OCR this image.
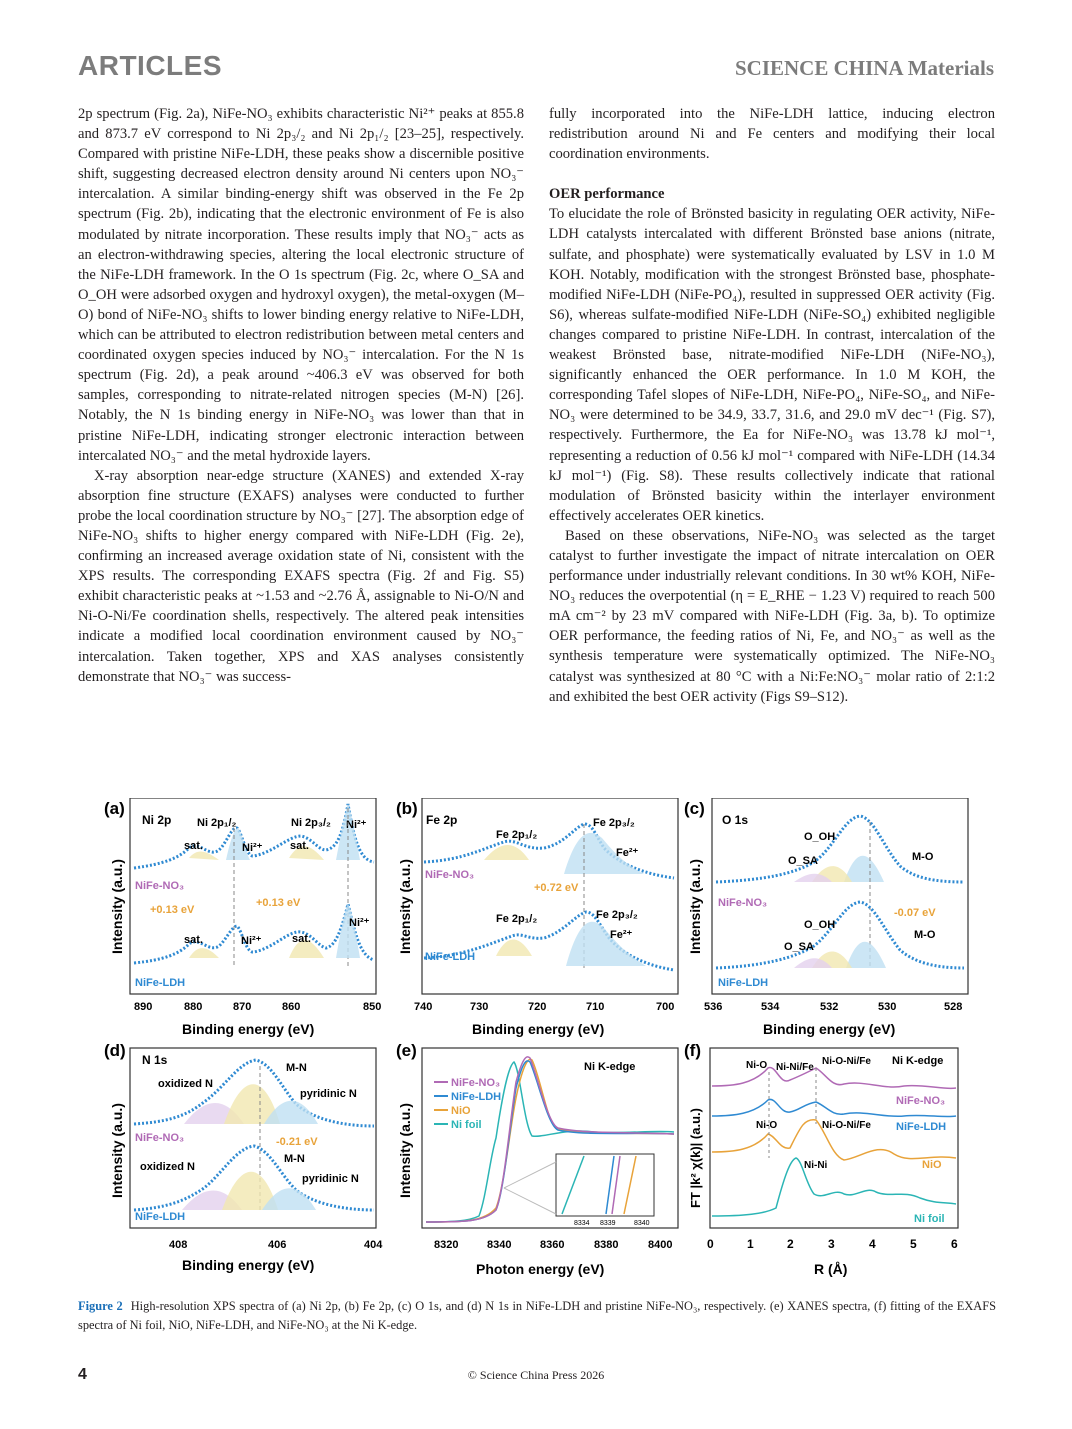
ARTICLES	SCIENCE CHINA Materials

2p spectrum (Fig. 2a), NiFe-NO₃ exhibits characteristic Ni²⁺ peaks at 855.8 and 873.7 eV correspond to Ni 2p₃/₂ and Ni 2p₁/₂ [23–25], respectively. Compared with pristine NiFe-LDH, these peaks show a discernible positive shift, suggesting decreased electron density around Ni centers upon NO₃⁻ intercalation. A similar binding-energy shift was observed in the Fe 2p spectrum (Fig. 2b), indicating that the electronic environment of Fe is also modulated by nitrate incorporation. These results imply that NO₃⁻ acts as an electron-withdrawing species, altering the local electronic structure of the NiFe-LDH framework. In the O 1s spectrum (Fig. 2c, where O_SA and O_OH were adsorbed oxygen and hydroxyl oxygen), the metal-oxygen (M–O) bond of NiFe-NO₃ shifts to lower binding energy relative to NiFe-LDH, which can be attributed to electron redistribution between metal centers and coordinated oxygen species induced by NO₃⁻ intercalation. For the N 1s spectrum (Fig. 2d), a peak around ~406.3 eV was observed for both samples, corresponding to nitrate-related nitrogen species (M-N) [26]. Notably, the N 1s binding energy in NiFe-NO₃ was lower than that in pristine NiFe-LDH, indicating stronger electronic interaction between intercalated NO₃⁻ and the metal hydroxide layers.

X-ray absorption near-edge structure (XANES) and extended X-ray absorption fine structure (EXAFS) analyses were conducted to further probe the local coordination structure by NO₃⁻ [27]. The absorption edge of NiFe-NO₃ shifts to higher energy compared with NiFe-LDH (Fig. 2e), confirming an increased average oxidation state of Ni, consistent with the XPS results. The corresponding EXAFS spectra (Fig. 2f and Fig. S5) exhibit characteristic peaks at ~1.53 and ~2.76 Å, assignable to Ni-O/N and Ni-O-Ni/Fe coordination shells, respectively. The altered peak intensities indicate a modified local coordination environment caused by NO₃⁻ intercalation. Taken together, XPS and XAS analyses consistently demonstrate that NO₃⁻ was success-

fully incorporated into the NiFe-LDH lattice, inducing electron redistribution around Ni and Fe centers and modifying their local coordination environments.

OER performance

To elucidate the role of Brönsted basicity in regulating OER activity, NiFe-LDH catalysts intercalated with different Brönsted base anions (nitrate, sulfate, and phosphate) were systematically evaluated by LSV in 1.0 M KOH. Notably, modification with the strongest Brönsted base, phosphate-modified NiFe-LDH (NiFe-PO₄), resulted in suppressed OER activity (Fig. S6), whereas sulfate-modified NiFe-LDH (NiFe-SO₄) exhibited negligible changes compared to pristine NiFe-LDH. In contrast, intercalation of the weakest Brönsted base, nitrate-modified NiFe-LDH (NiFe-NO₃), significantly enhanced the OER performance. In 1.0 M KOH, the corresponding Tafel slopes of NiFe-LDH, NiFe-PO₄, NiFe-SO₄, and NiFe-NO₃ were determined to be 34.9, 33.7, 31.6, and 29.0 mV dec⁻¹ (Fig. S7), respectively. Furthermore, the Ea for NiFe-NO₃ was 13.78 kJ mol⁻¹, representing a reduction of 0.56 kJ mol⁻¹ compared with NiFe-LDH (14.34 kJ mol⁻¹) (Fig. S8). These results collectively indicate that rational modulation of Brönsted basicity within the interlayer environment effectively accelerates OER kinetics.

Based on these observations, NiFe-NO₃ was selected as the target catalyst to further investigate the impact of nitrate intercalation on OER performance under industrially relevant conditions. In 30 wt% KOH, NiFe-NO₃ reduces the overpotential (η = E_RHE − 1.23 V) required to reach 500 mA cm⁻² by 23 mV compared with NiFe-LDH (Fig. 3a, b). To optimize OER performance, the feeding ratios of Ni, Fe, and NO₃⁻ as well as the synthesis temperature were systematically optimized. The NiFe-NO₃ catalyst was synthesized at 80 °C with a Ni:Fe:NO₃⁻ molar ratio of 2:1:2 and exhibited the best OER activity (Figs S9–S12).

(a)
Ni 2p Ni 2p₁/₂	Ni 2p₃/₂
sat.	Ni²⁺	sat.
Ni²⁺
NiFe-NO₃
+0.13 eV
+0.13 eV
sat.	Ni²⁺	sat.
Ni²⁺
NiFe-LDH
890	880	870	860	850
Binding energy (eV)
Intensity (a.u.)
(b)
Fe 2p
Fe 2p₁/₂
Fe 2p₃/₂
Fe²⁺
NiFe-NO₃
+0.72 eV
Fe 2p₁/₂	Fe 2p₃/₂
Fe²⁺
NiFe-LDH
740	730	720	710	700
Binding energy (eV)
Intensity (a.u.)
(c)
O 1s
O_OH
O_SA	M-O
NiFe-NO₃
-0.07 eV
O_OH
O_SA
M-O
NiFe-LDH
536	534	532	530	528
Binding energy (eV)
Intensity (a.u.)
(d) N 1s
oxidized N
M-N
pyridinic N
NiFe-NO₃	-0.21 eV
oxidized N
M-N
pyridinic N
NiFe-LDH
408	406	404
Binding energy (eV)
Intensity (a.u.)
(e)
Ni K-edge
NiFe-NO₃
NiFe-LDH
NiO
Ni foil
8334 8339	8340
8320	8340	8360	8380	8400
Photon energy (eV)
Intensity (a.u.)
(f)
Ni K-edge
Ni-O Ni-Ni/Fe
Ni-O-Ni/Fe
NiFe-NO₃
Ni-O	Ni-O-Ni/Fe NiFe-LDH
NiO
Ni-Ni
Ni foil
0	1	2	3	4	5	6
R (Å)
FT |k² χ(k)| (a.u.)
Figure 2 High-resolution XPS spectra of (a) Ni 2p, (b) Fe 2p, (c) O 1s, and (d) N 1s in NiFe-LDH and pristine NiFe-NO₃, respectively. (e) XANES spectra, (f) fitting of the EXAFS spectra of Ni foil, NiO, NiFe-LDH, and NiFe-NO₃ at the Ni K-edge.
4	© Science China Press 2026
